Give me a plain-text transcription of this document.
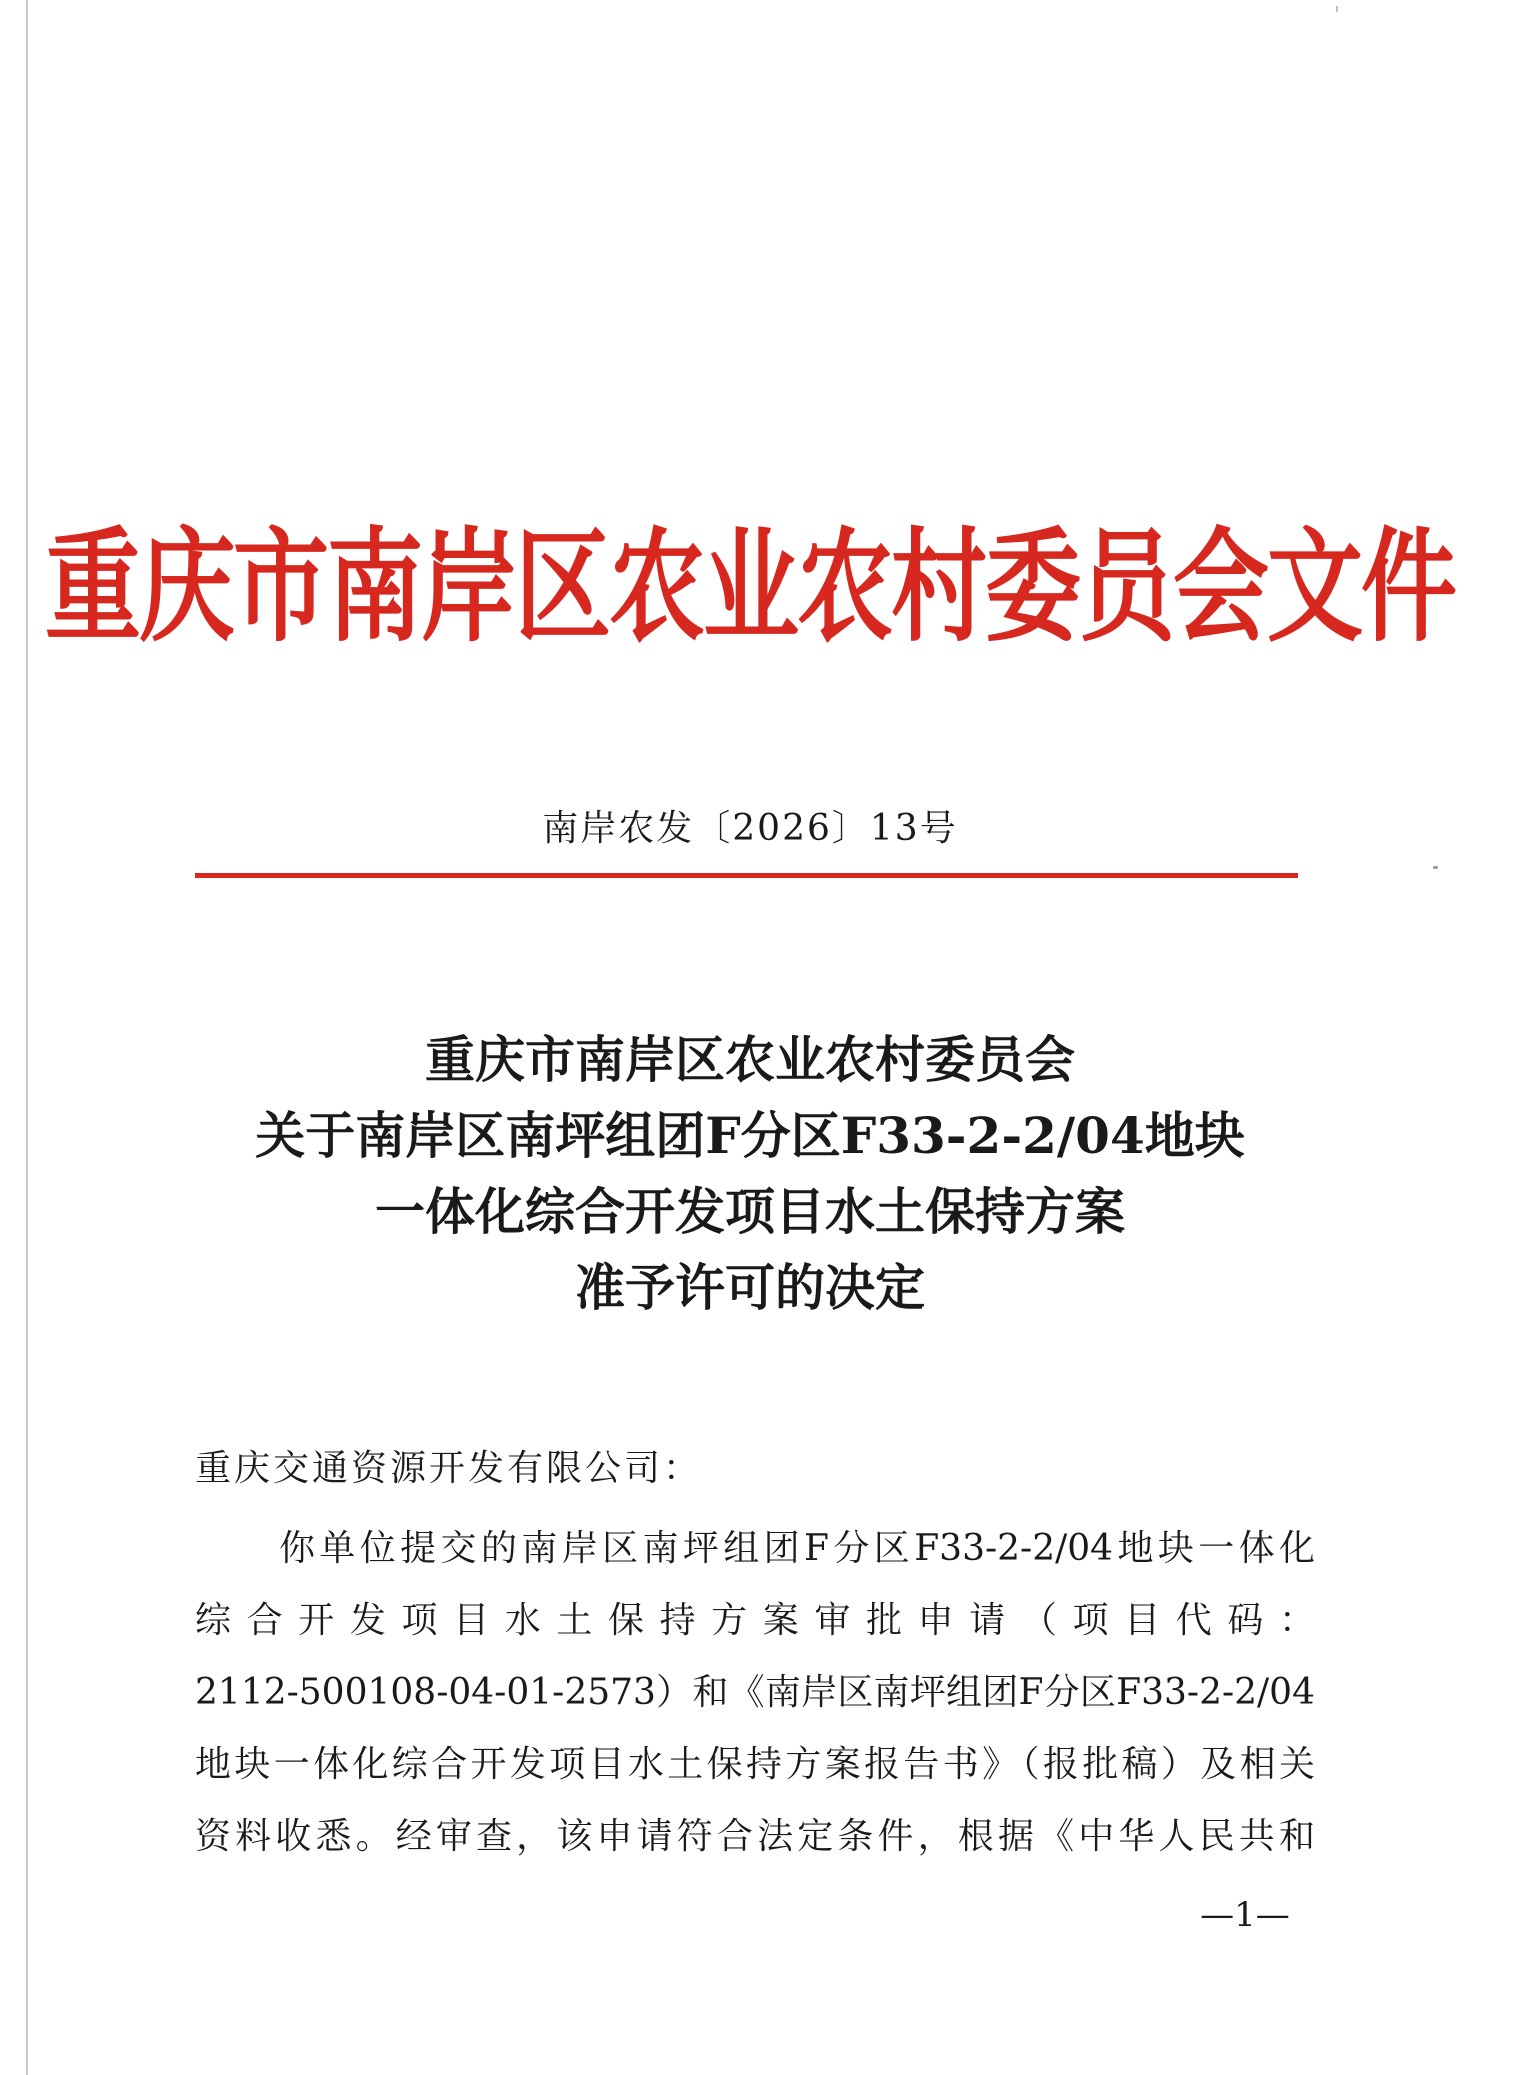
重庆市南岸区农业农村委员会文件
南岸农发〔2026〕13号
重庆市南岸区农业农村委员会
关于南岸区南坪组团F分区F33-2-2/04地块
一体化综合开发项目水土保持方案
准予许可的决定
重庆交通资源开发有限公司：
你单位提交的南岸区南坪组团F分区F33-2-2/04地块一体化
综合开发项目水土保持方案审批申请（项目代码：
2112-500108-04-01-2573）和《南岸区南坪组团F分区F33-2-2/04
地块一体化综合开发项目水土保持方案报告书》（报批稿）及相关
资料收悉。经审查，该申请符合法定条件，根据《中华人民共和
—1—
